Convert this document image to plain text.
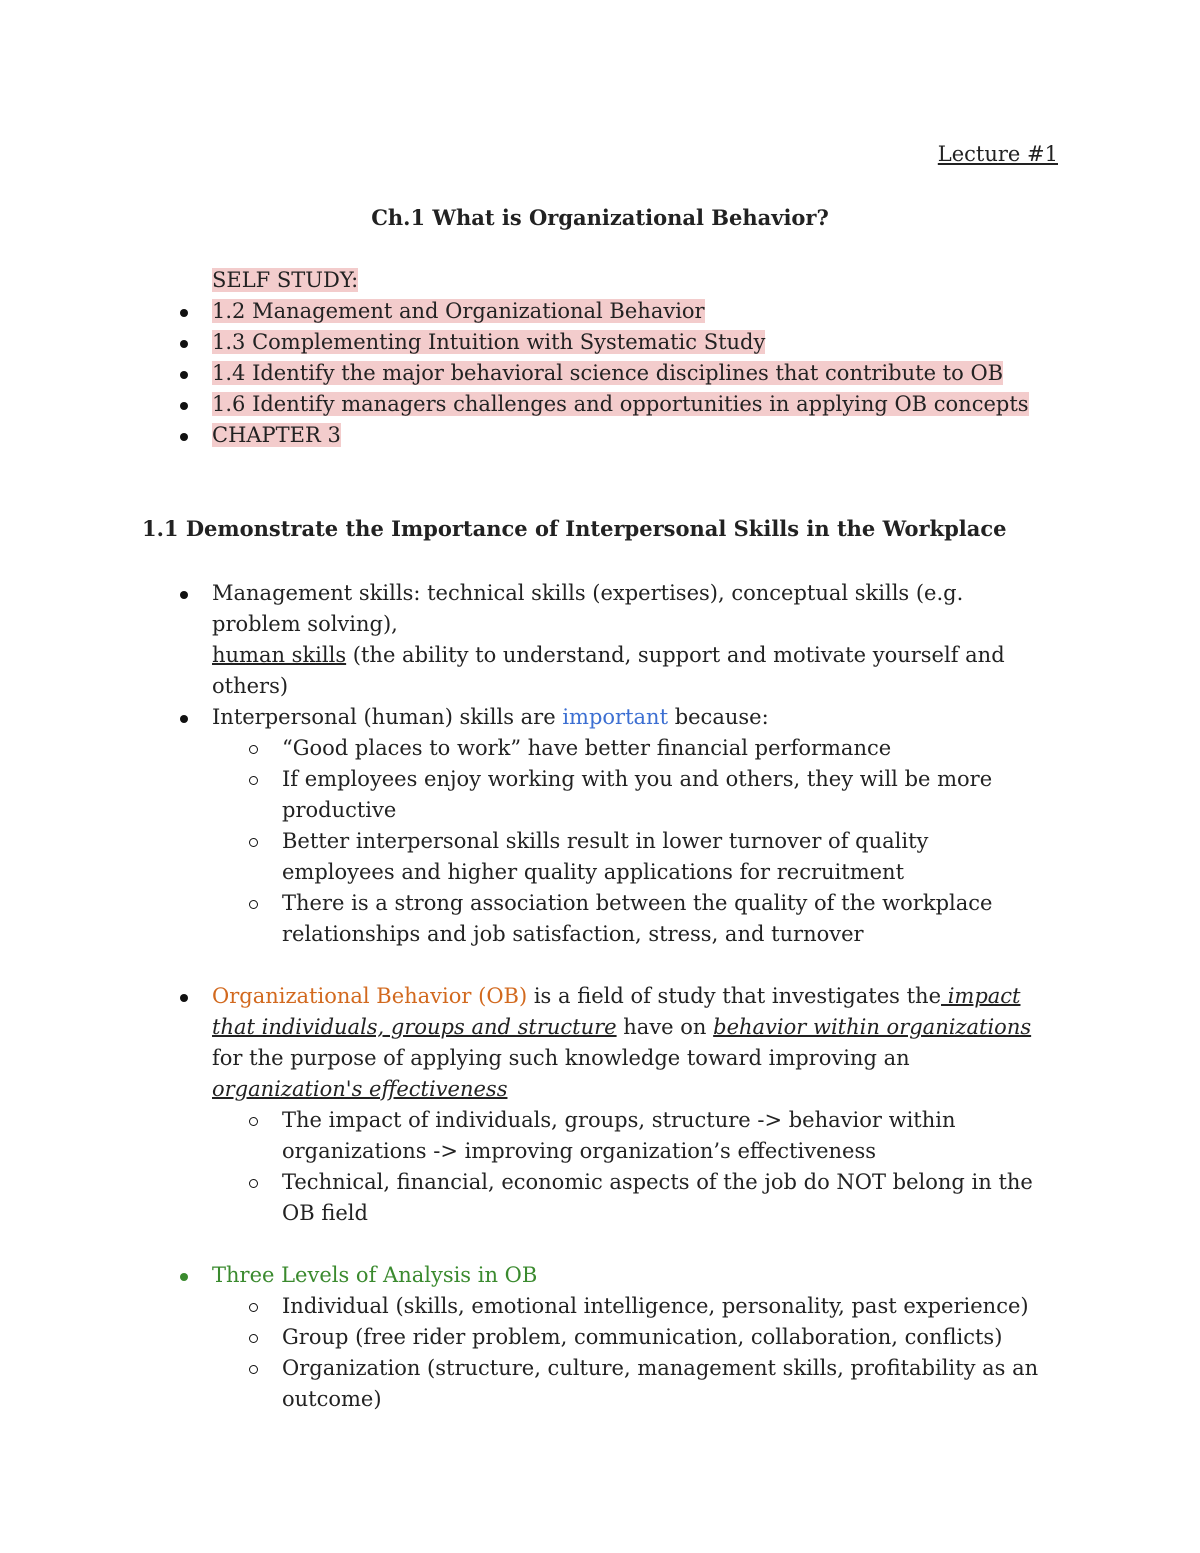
Lecture #1
Ch.1 What is Organizational Behavior?
SELF STUDY:
1.2 Management and Organizational Behavior
1.3 Complementing Intuition with Systematic Study
1.4 Identify the major behavioral science disciplines that contribute to OB
1.6 Identify managers challenges and opportunities in applying OB concepts
CHAPTER 3
1.1 Demonstrate the Importance of Interpersonal Skills in the Workplace
Management skills: technical skills (expertises), conceptual skills (e.g. problem solving),
human skills (the ability to understand, support and motivate yourself and others)
Interpersonal (human) skills are important because:
“Good places to work” have better financial performance
If employees enjoy working with you and others, they will be more productive
Better interpersonal skills result in lower turnover of quality employees and higher quality applications for recruitment
There is a strong association between the quality of the workplace relationships and job satisfaction, stress, and turnover
Organizational Behavior (OB) is a field of study that investigates the impact that individuals, groups and structure have on behavior within organizations for the purpose of applying such knowledge toward improving an organization's effectiveness
The impact of individuals, groups, structure -> behavior within organizations -> improving organization’s effectiveness
Technical, financial, economic aspects of the job do NOT belong in the OB field
Three Levels of Analysis in OB
Individual (skills, emotional intelligence, personality, past experience)
Group (free rider problem, communication, collaboration, conflicts)
Organization (structure, culture, management skills, profitability as an outcome)
